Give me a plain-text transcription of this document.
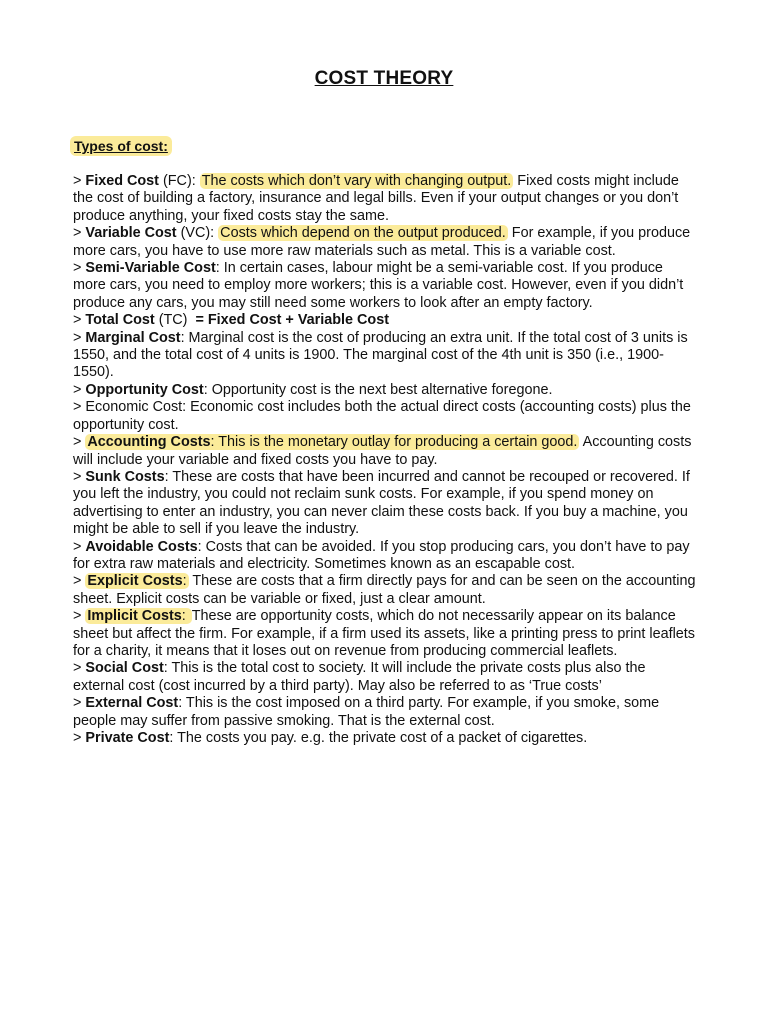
COST THEORY
Types of cost:

> Fixed Cost (FC): The costs which don’t vary with changing output. Fixed costs might include the cost of building a factory, insurance and legal bills. Even if your output changes or you don’t produce anything, your fixed costs stay the same.

> Variable Cost (VC): Costs which depend on the output produced. For example, if you produce more cars, you have to use more raw materials such as metal. This is a variable cost.

> Semi-Variable Cost: In certain cases, labour might be a semi-variable cost. If you produce more cars, you need to employ more workers; this is a variable cost. However, even if you didn’t produce any cars, you may still need some workers to look after an empty factory.

> Total Cost (TC)  = Fixed Cost + Variable Cost

> Marginal Cost: Marginal cost is the cost of producing an extra unit. If the total cost of 3 units is 1550, and the total cost of 4 units is 1900. The marginal cost of the 4th unit is 350 (i.e., 1900-1550).

> Opportunity Cost: Opportunity cost is the next best alternative foregone.

> Economic Cost: Economic cost includes both the actual direct costs (accounting costs) plus the opportunity cost.

> Accounting Costs: This is the monetary outlay for producing a certain good. Accounting costs will include your variable and fixed costs you have to pay.

> Sunk Costs: These are costs that have been incurred and cannot be recouped or recovered. If you left the industry, you could not reclaim sunk costs. For example, if you spend money on advertising to enter an industry, you can never claim these costs back. If you buy a machine, you might be able to sell if you leave the industry.

> Avoidable Costs: Costs that can be avoided. If you stop producing cars, you don’t have to pay for extra raw materials and electricity. Sometimes known as an escapable cost.

> Explicit Costs: These are costs that a firm directly pays for and can be seen on the accounting sheet. Explicit costs can be variable or fixed, just a clear amount.

> Implicit Costs: These are opportunity costs, which do not necessarily appear on its balance sheet but affect the firm. For example, if a firm used its assets, like a printing press to print leaflets for a charity, it means that it loses out on revenue from producing commercial leaflets.

> Social Cost: This is the total cost to society. It will include the private costs plus also the external cost (cost incurred by a third party). May also be referred to as ‘True costs’

> External Cost: This is the cost imposed on a third party. For example, if you smoke, some people may suffer from passive smoking. That is the external cost.

> Private Cost: The costs you pay. e.g. the private cost of a packet of cigarettes.
